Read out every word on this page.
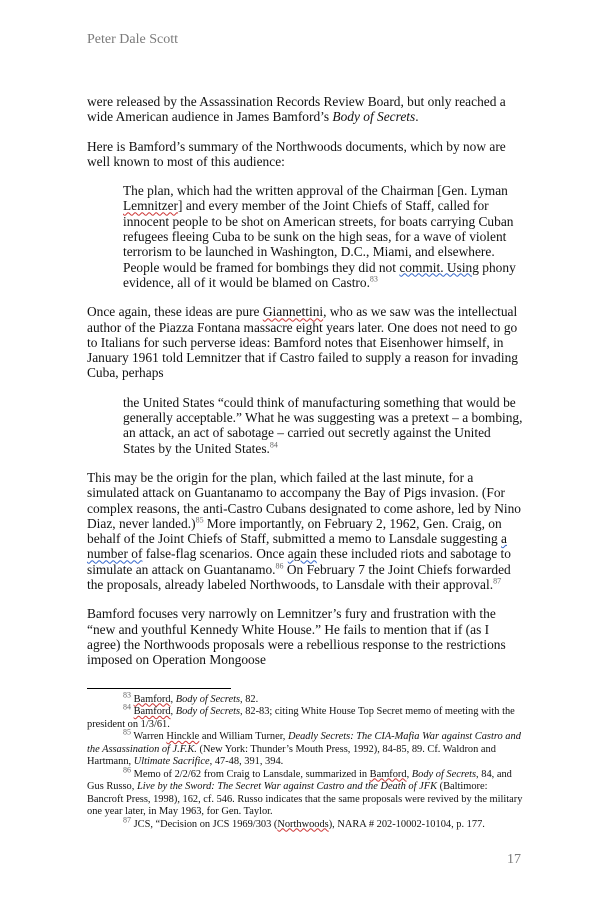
Peter Dale Scott

were released by the Assassination Records Review Board, but only reached a wide American audience in James Bamford’s Body of Secrets.

Here is Bamford’s summary of the Northwoods documents, which by now are well known to most of this audience:

The plan, which had the written approval of the Chairman [Gen. Lyman Lemnitzer] and every member of the Joint Chiefs of Staff, called for innocent people to be shot on American streets, for boats carrying Cuban refugees fleeing Cuba to be sunk on the high seas, for a wave of violent terrorism to be launched in Washington, D.C., Miami, and elsewhere. People would be framed for bombings they did not commit. Using phony evidence, all of it would be blamed on Castro.$^{83}$

Once again, these ideas are pure Giannettini, who as we saw was the intellectual author of the Piazza Fontana massacre eight years later. One does not need to go to Italians for such perverse ideas: Bamford notes that Eisenhower himself, in January 1961 told Lemnitzer that if Castro failed to supply a reason for invading Cuba, perhaps

the United States “could think of manufacturing something that would be generally acceptable.” What he was suggesting was a pretext – a bombing, an attack, an act of sabotage – carried out secretly against the United States by the United States.$^{84}$

This may be the origin for the plan, which failed at the last minute, for a simulated attack on Guantanamo to accompany the Bay of Pigs invasion. (For complex reasons, the anti-Castro Cubans designated to come ashore, led by Nino Diaz, never landed.)$^{85}$ More importantly, on February 2, 1962, Gen. Craig, on behalf of the Joint Chiefs of Staff, submitted a memo to Lansdale suggesting a number of false-flag scenarios. Once again these included riots and sabotage to simulate an attack on Guantanamo.$^{86}$ On February 7 the Joint Chiefs forwarded the proposals, already labeled Northwoods, to Lansdale with their approval.$^{87}$

Bamford focuses very narrowly on Lemnitzer’s fury and frustration with the “new and youthful Kennedy White House.” He fails to mention that if (as I agree) the Northwoods proposals were a rebellious response to the restrictions imposed on Operation Mongoose

$^{83}$ Bamford, Body of Secrets, 82.

$^{84}$ Bamford, Body of Secrets, 82-83; citing White House Top Secret memo of meeting with the president on 1/3/61.

$^{85}$ Warren Hinckle and William Turner, Deadly Secrets: The CIA-Mafia War against Castro and the Assassination of J.F.K. (New York: Thunder’s Mouth Press, 1992), 84-85, 89. Cf. Waldron and Hartmann, Ultimate Sacrifice, 47-48, 391, 394.

$^{86}$ Memo of 2/2/62 from Craig to Lansdale, summarized in Bamford, Body of Secrets, 84, and Gus Russo, Live by the Sword: The Secret War against Castro and the Death of JFK (Baltimore: Bancroft Press, 1998), 162, cf. 546. Russo indicates that the same proposals were revived by the military one year later, in May 1963, for Gen. Taylor.

$^{87}$ JCS, “Decision on JCS 1969/303 (Northwoods), NARA # 202-10002-10104, p. 177.

17
